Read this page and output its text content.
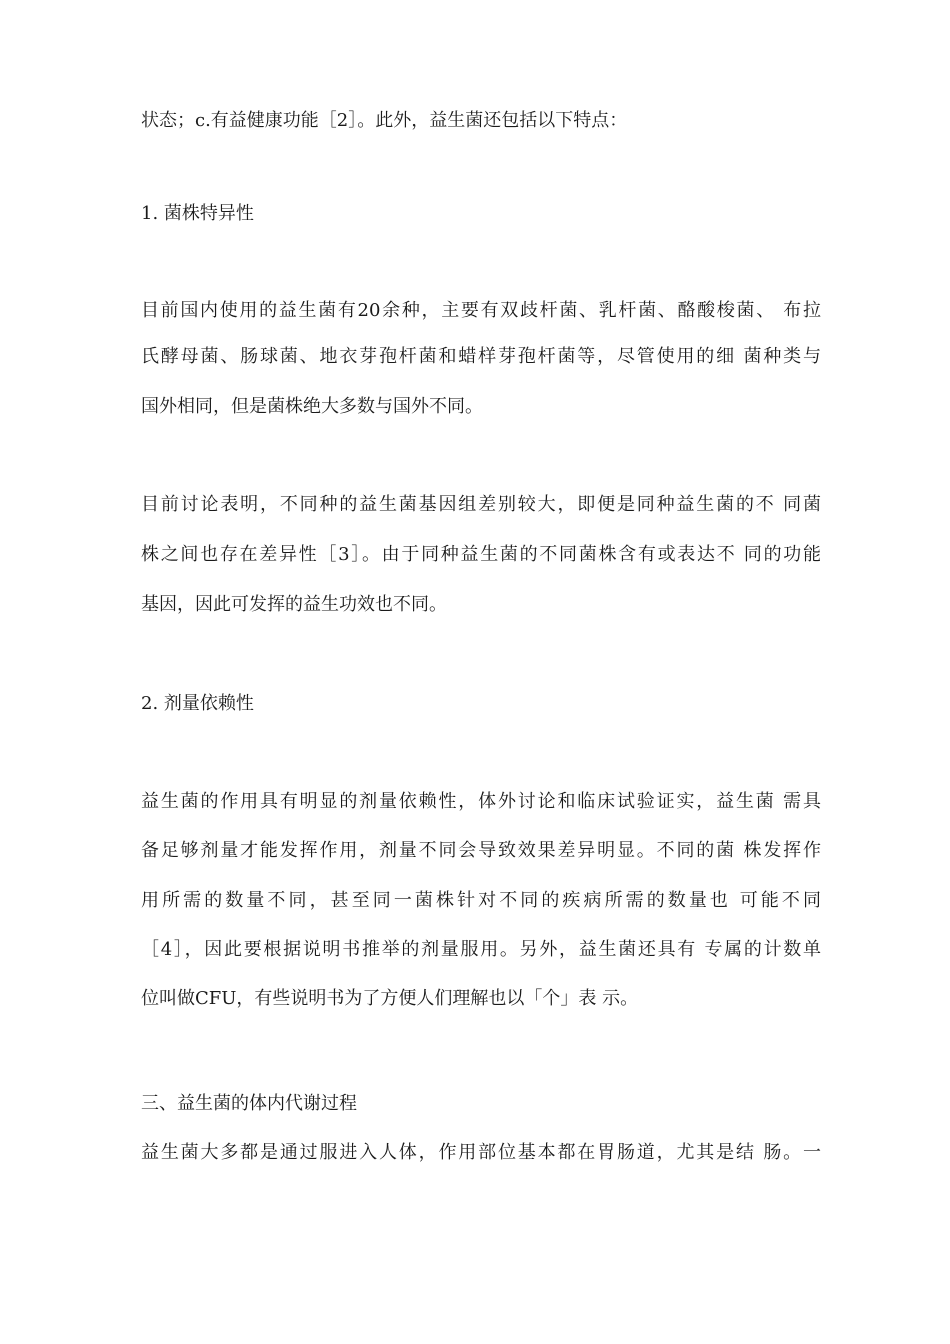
状态；c.有益健康功能［2］。此外，益生菌还包括以下特点：
1. 菌株特异性
目前国内使用的益生菌有20余种，主要有双歧杆菌、乳杆菌、酪酸梭菌、 布拉
氏酵母菌、肠球菌、地衣芽孢杆菌和蜡样芽孢杆菌等，尽管使用的细 菌种类与
国外相同，但是菌株绝大多数与国外不同。
目前讨论表明，不同种的益生菌基因组差别较大，即便是同种益生菌的不 同菌
株之间也存在差异性［3］。由于同种益生菌的不同菌株含有或表达不 同的功能
基因，因此可发挥的益生功效也不同。
2. 剂量依赖性
益生菌的作用具有明显的剂量依赖性，体外讨论和临床试验证实，益生菌 需具
备足够剂量才能发挥作用，剂量不同会导致效果差异明显。不同的菌 株发挥作
用所需的数量不同，甚至同一菌株针对不同的疾病所需的数量也 可能不同
［4］，因此要根据说明书推举的剂量服用。另外，益生菌还具有 专属的计数单
位叫做CFU，有些说明书为了方便人们理解也以「个」表 示。
三、益生菌的体内代谢过程
益生菌大多都是通过服进入人体，作用部位基本都在胃肠道，尤其是结 肠。一
